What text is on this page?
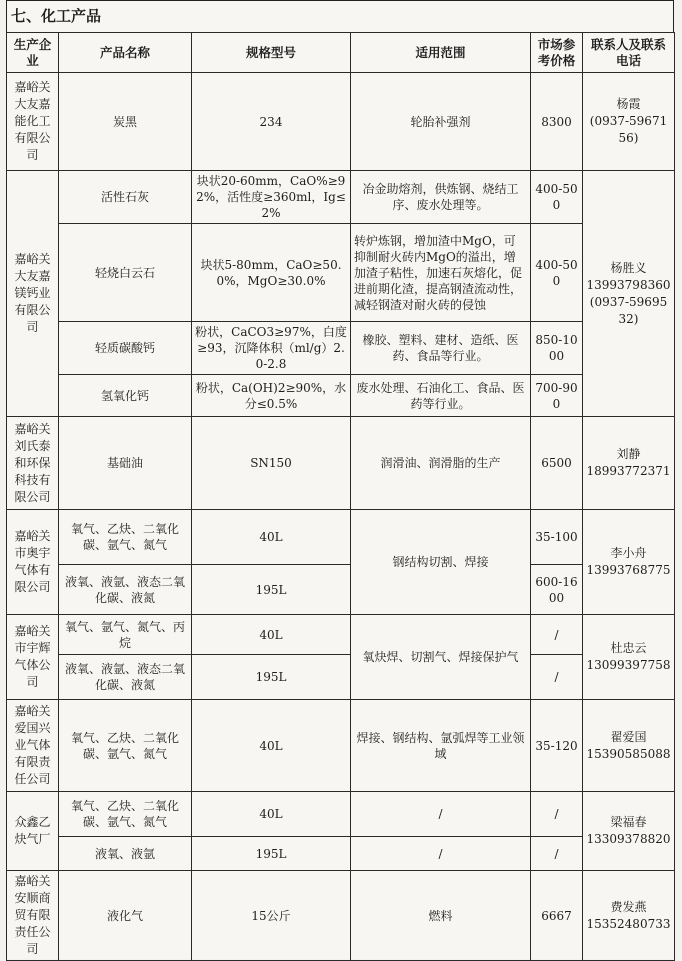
七、化工产品
生产企业	产品名称	规格型号	适用范围	市场参考价格	联系人及联系电话
嘉峪关大友嘉能化工有限公司	炭黑	234	轮胎补强剂	8300	杨霞
(0937-5967156)

嘉峪关大友嘉镁钙业有限公司	活性石灰	块状20-60mm，CaO%≥92%，活性度≥360ml，Ig≤2%	冶金助熔剂，供炼钢、烧结工序、废水处理等。	400-500	杨胜义
13993798360
(0937-5969532)

	轻烧白云石	块状5-80mm，CaO≥50.0%，MgO≥30.0%	转炉炼钢，增加渣中MgO，可抑制耐火砖内MgO的溢出，增加渣子粘性，加速石灰熔化，促进前期化渣，提高钢渣流动性，减轻钢渣对耐火砖的侵蚀	400-500	
	轻质碳酸钙	粉状，CaCO3≥97%，白度≥93，沉降体积（ml/g）2.0-2.8	橡胶、塑料、建材、造纸、医药、食品等行业。	850-1000	
	氢氧化钙	粉状，Ca(OH)2≥90%，水分≤0.5%	废水处理、石油化工、食品、医药等行业。	700-900	
嘉峪关刘氏泰和环保科技有限公司	基础油	SN150	润滑油、润滑脂的生产	6500	刘静
18993772371

嘉峪关市奥宇气体有限公司	氧气、乙炔、二氧化碳、氩气、氮气	40L	钢结构切割、焊接	35-100	李小舟
13993768775

	液氧、液氩、液态二氧化碳、液氮	195L		600-1600	
嘉峪关市宇辉气体公司	氧气、氩气、氮气、丙烷	40L	氧炔焊、切割气、焊接保护气	/	杜忠云
13099397758

	液氧、液氩、液态二氧化碳、液氮	195L		/	
嘉峪关爱国兴业气体有限责任公司	氧气、乙炔、二氧化碳、氩气、氮气	40L	焊接、钢结构、氩弧焊等工业领域	35-120	翟爱国
15390585088

众鑫乙炔气厂	氧气、乙炔、二氧化碳、氩气、氮气	40L	/	/	梁福春
13309378820

	液氧、液氩	195L	/	/	
嘉峪关安顺商贸有限责任公司	液化气	15公斤	燃料	6667	费发燕
15352480733
